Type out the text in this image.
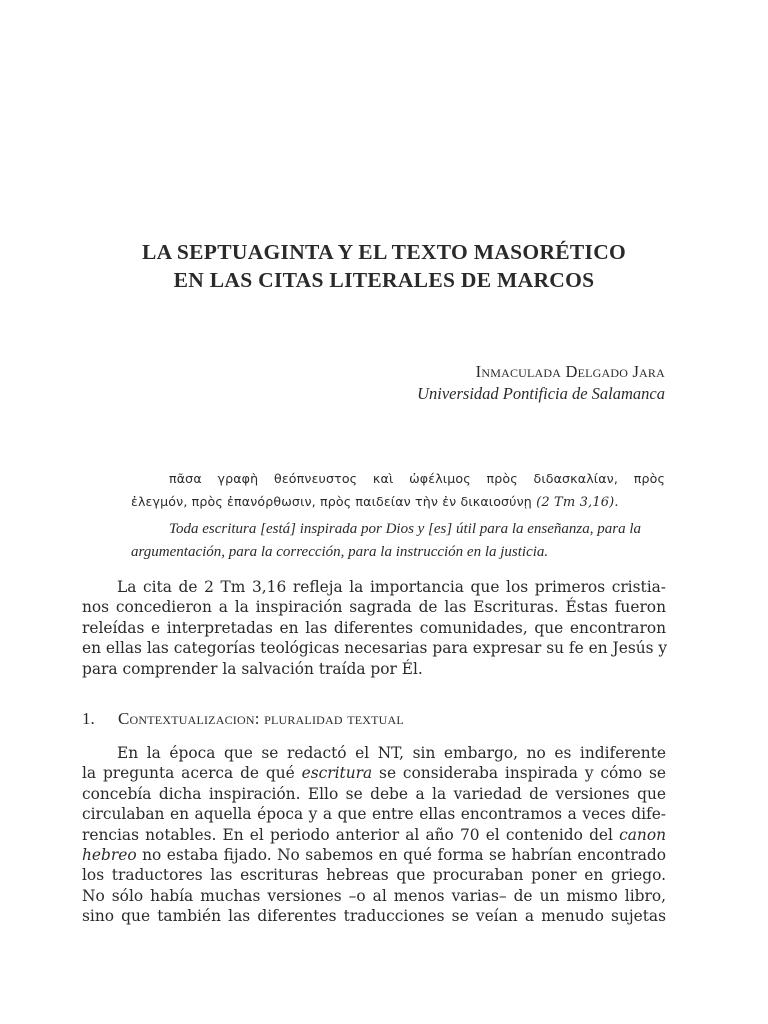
LA SEPTUAGINTA Y EL TEXTO MASORÉTICO
EN LAS CITAS LITERALES DE MARCOS
Inmaculada Delgado Jara
Universidad Pontificia de Salamanca
πᾶσα γραφὴ θεόπνευστος καὶ ὠφέλιμος πρὸς διδασκαλίαν, πρὸς
ἐλεγμόν, πρὸς ἐπανόρθωσιν, πρὸς παιδείαν τὴν ἐν δικαιοσύνῃ (2 Tm 3,16).
Toda escritura [está] inspirada por Dios y [es] útil para la enseñanza, para la
argumentación, para la corrección, para la instrucción en la justicia.
La cita de 2 Tm 3,16 refleja la importancia que los primeros cristia-
nos concedieron a la inspiración sagrada de las Escrituras. Éstas fueron
releídas e interpretadas en las diferentes comunidades, que encontraron
en ellas las categorías teológicas necesarias para expresar su fe en Jesús y
para comprender la salvación traída por Él.
1. Contextualizacion: pluralidad textual
En la época que se redactó el NT, sin embargo, no es indiferente
la pregunta acerca de qué escritura se consideraba inspirada y cómo se
concebía dicha inspiración. Ello se debe a la variedad de versiones que
circulaban en aquella época y a que entre ellas encontramos a veces dife-
rencias notables. En el periodo anterior al año 70 el contenido del canon
hebreo no estaba fijado. No sabemos en qué forma se habrían encontrado
los traductores las escrituras hebreas que procuraban poner en griego.
No sólo había muchas versiones –o al menos varias– de un mismo libro,
sino que también las diferentes traducciones se veían a menudo sujetas
